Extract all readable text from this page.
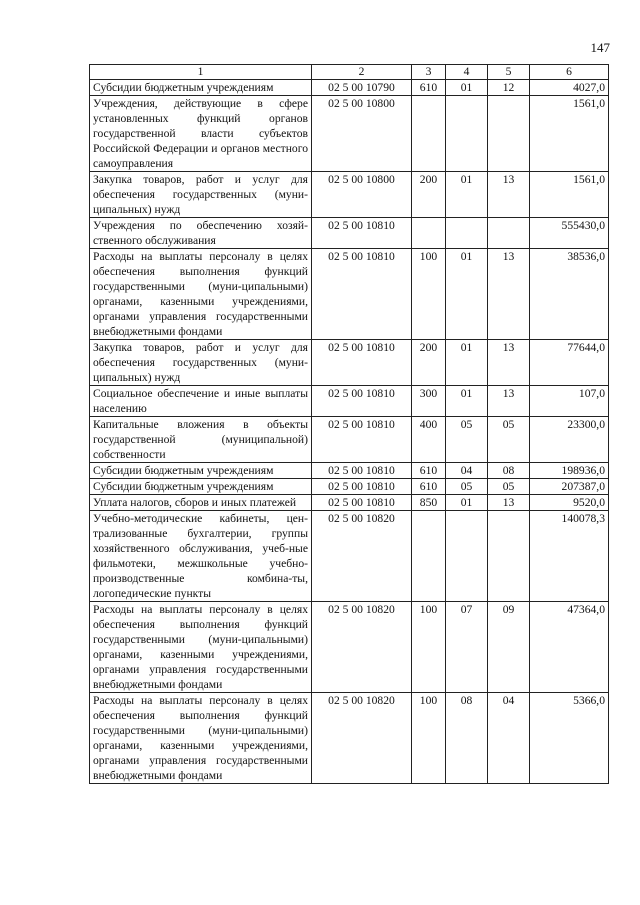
147
1	2	3	4	5	6
Субсидии бюджетным учреждениям	02 5 00 10790	610	01	12	4027,0
Учреждения, действующие в сфере установленных функций органов государственной власти субъектов Российской Федерации и органов местного самоуправления	02 5 00 10800				1561,0
Закупка товаров, работ и услуг для обеспечения государственных (муни-ципальных) нужд	02 5 00 10800	200	01	13	1561,0
Учреждения по обеспечению хозяй-ственного обслуживания	02 5 00 10810				555430,0
Расходы на выплаты персоналу в целях обеспечения выполнения функций государственными (муни-ципальными) органами, казенными учреждениями, органами управления государственными внебюджетными фондами	02 5 00 10810	100	01	13	38536,0
Закупка товаров, работ и услуг для обеспечения государственных (муни-ципальных) нужд	02 5 00 10810	200	01	13	77644,0
Социальное обеспечение и иные выплаты населению	02 5 00 10810	300	01	13	107,0
Капитальные вложения в объекты государственной (муниципальной) собственности	02 5 00 10810	400	05	05	23300,0
Субсидии бюджетным учреждениям	02 5 00 10810	610	04	08	198936,0
Субсидии бюджетным учреждениям	02 5 00 10810	610	05	05	207387,0
Уплата налогов, сборов и иных платежей	02 5 00 10810	850	01	13	9520,0
Учебно-методические кабинеты, цен-трализованные бухгалтерии, группы хозяйственного обслуживания, учеб-ные фильмотеки, межшкольные учебно-производственные комбина-ты, логопедические пункты	02 5 00 10820				140078,3
Расходы на выплаты персоналу в целях обеспечения выполнения функций государственными (муни-ципальными) органами, казенными учреждениями, органами управления государственными внебюджетными фондами	02 5 00 10820	100	07	09	47364,0
Расходы на выплаты персоналу в целях обеспечения выполнения функций государственными (муни-ципальными) органами, казенными учреждениями, органами управления государственными внебюджетными фондами	02 5 00 10820	100	08	04	5366,0
